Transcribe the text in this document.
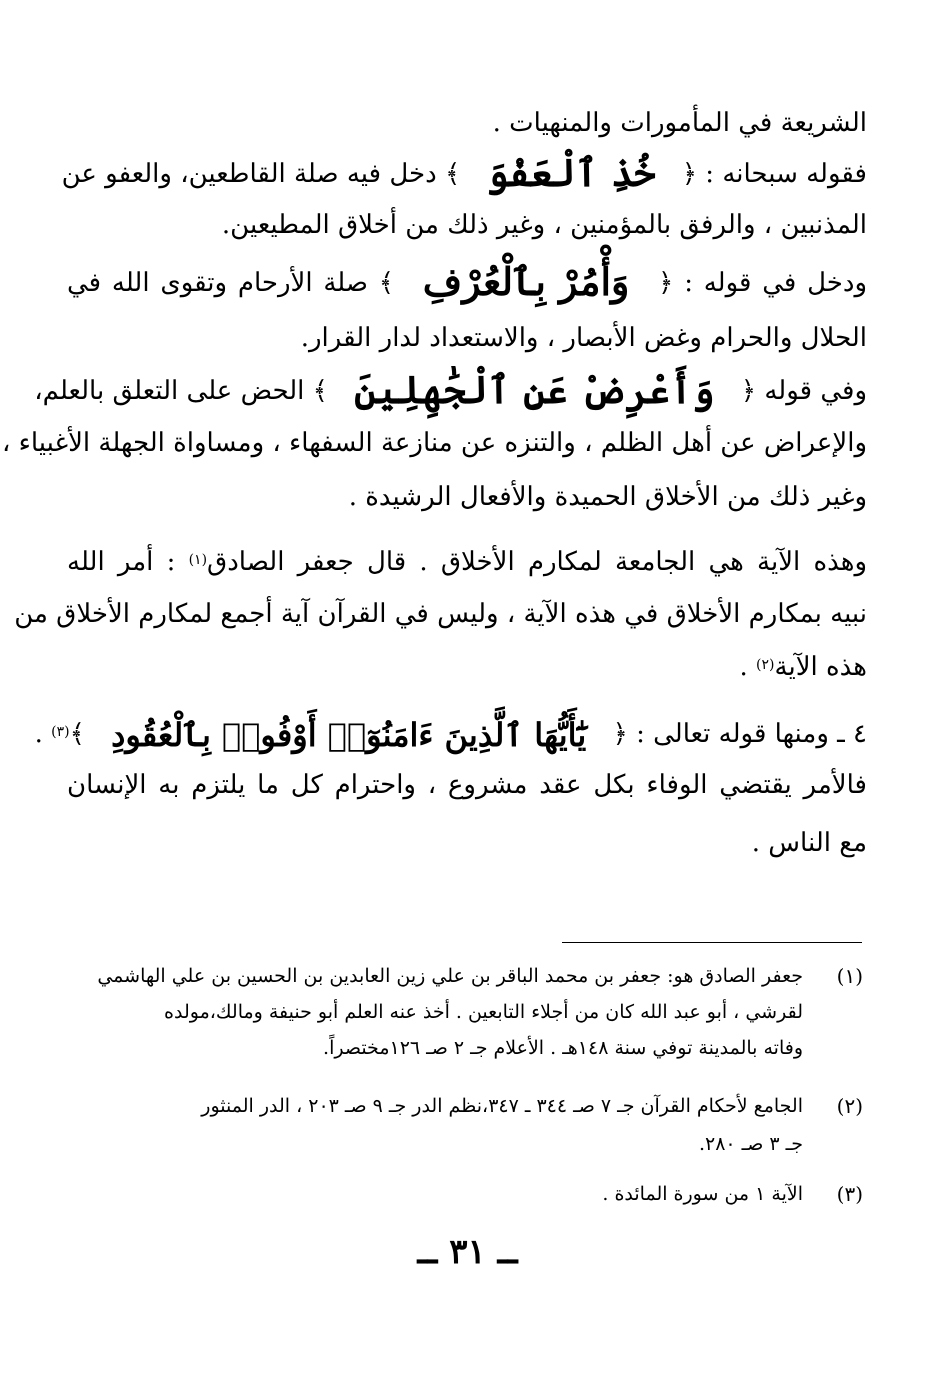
الشريعة في المأمورات والمنهيات .
فقوله سبحانه : ﴿ خُذِ ٱلْعَفْوَ ﴾ دخل فيه صلة القاطعين، والعفو عن
المذنبين ، والرفق بالمؤمنين ، وغير ذلك من أخلاق المطيعين.
ودخل في قوله : ﴿ وَأْمُرْ بِٱلْعُرْفِ ﴾ صلة الأرحام وتقوى الله في
الحلال والحرام وغض الأبصار ، والاستعداد لدار القرار.
وفي قوله ﴿ وَأَعْرِضْ عَنِ ٱلْجَٰهِلِينَ ﴾ الحض على التعلق بالعلم،
والإعراض عن أهل الظلم ، والتنزه عن منازعة السفهاء ، ومساواة الجهلة الأغبياء ،
وغير ذلك من الأخلاق الحميدة والأفعال الرشيدة .
وهذه الآية هي الجامعة لمكارم الأخلاق . قال جعفر الصادق$^{(١)}$ : أمر الله
نبيه بمكارم الأخلاق في هذه الآية ، وليس في القرآن آية أجمع لمكارم الأخلاق من
هذه الآية$^{(٢)}$ .
٤ ـ ومنها قوله تعالى : ﴿ يَٰٓأَيُّهَا ٱلَّذِينَ ءَامَنُوٓا۟ أَوْفُوا۟ بِٱلْعُقُودِ ﴾$^{(٣)}$ .
فالأمر يقتضي الوفاء بكل عقد مشروع ، واحترام كل ما يلتزم به الإنسان
مع الناس .
(١)
جعفر الصادق هو: جعفر بن محمد الباقر بن علي زين العابدين بن الحسين بن علي الهاشمي
لقرشي ، أبو عبد الله كان من أجلاء التابعين . أخذ عنه العلم أبو حنيفة ومالك،مولده
وفاته بالمدينة توفي سنة ١٤٨هـ . الأعلام جـ ٢ صـ ١٢٦مختصراً.
(٢)
الجامع لأحكام القرآن جـ ٧ صـ ٣٤٤ ـ ٣٤٧،نظم الدر جـ ٩ صـ ٢٠٣ ، الدر المنثور
جـ ٣ صـ ٢٨٠.
(٣)
الآية ١ من سورة المائدة .
ــ ٣١ ــ
